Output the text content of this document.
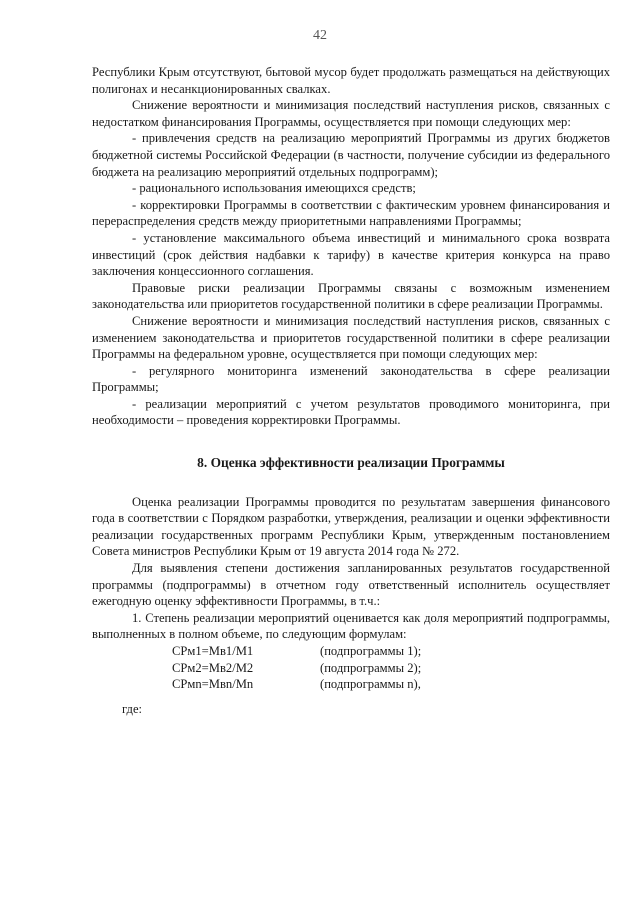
42

Республики Крым отсутствуют, бытовой мусор будет продолжать размещаться на действующих полигонах и несанкционированных свалках.

Снижение вероятности и минимизация последствий наступления рисков, связанных с недостатком финансирования Программы, осуществляется при помощи следующих мер:

- привлечения средств на реализацию мероприятий Программы из других бюджетов бюджетной системы Российской Федерации (в частности, получение субсидии из федерального бюджета на реализацию мероприятий отдельных подпрограмм);

- рационального использования имеющихся средств;

- корректировки Программы в соответствии с фактическим уровнем финансирования и перераспределения средств между приоритетными направлениями Программы;

- установление максимального объема инвестиций и минимального срока возврата инвестиций (срок действия надбавки к тарифу) в качестве критерия конкурса на право заключения концессионного соглашения.

Правовые риски реализации Программы связаны с возможным изменением законодательства или приоритетов государственной политики в сфере реализации Программы.

Снижение вероятности и минимизация последствий наступления рисков, связанных с изменением законодательства и приоритетов государственной политики в сфере реализации Программы на федеральном уровне, осуществляется при помощи следующих мер:

- регулярного мониторинга изменений законодательства в сфере реализации Программы;

- реализации мероприятий с учетом результатов проводимого мониторинга, при необходимости – проведения корректировки Программы.

8. Оценка эффективности реализации Программы

Оценка реализации Программы проводится по результатам завершения финансового года в соответствии с Порядком разработки, утверждения, реализации и оценки эффективности реализации государственных программ Республики Крым, утвержденным постановлением Совета министров Республики Крым от 19 августа 2014 года № 272.

Для выявления степени достижения запланированных результатов государственной программы (подпрограммы) в отчетном году ответственный исполнитель осуществляет ежегодную оценку эффективности Программы, в т.ч.:

1. Степень реализации мероприятий оценивается как доля мероприятий подпрограммы, выполненных в полном объеме, по следующим формулам:

СРм1=Мв1/М1	(подпрограммы 1);
СРм2=Мв2/М2	(подпрограммы 2);
СРмn=Мвn/Мn	(подпрограммы n),

где:
